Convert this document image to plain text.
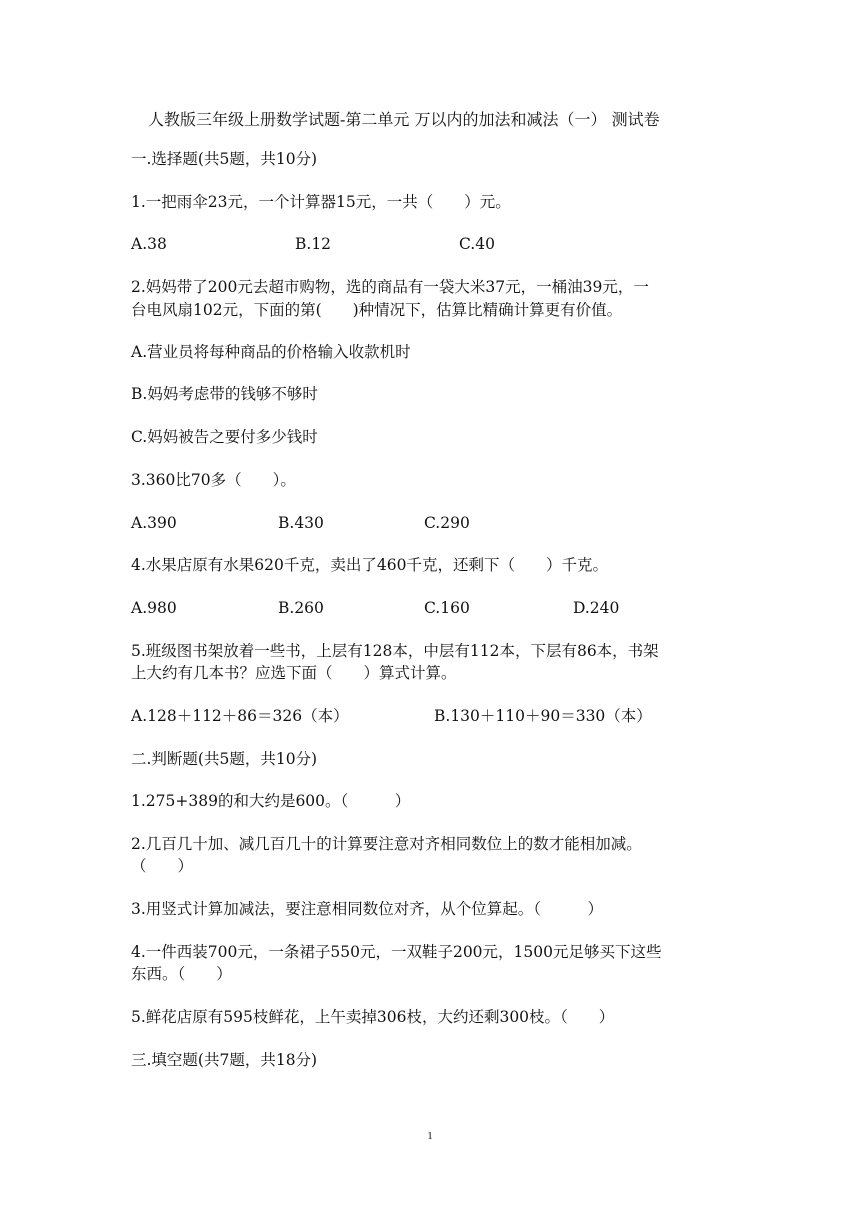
人教版三年级上册数学试题-第二单元 万以内的加法和减法（一） 测试卷
一.选择题(共5题，共10分)
1.一把雨伞23元，一个计算器15元，一共（　　）元。
A.38	B.12	C.40
2.妈妈带了200元去超市购物，选的商品有一袋大米37元，一桶油39元，一
台电风扇102元，下面的第(　　)种情况下，估算比精确计算更有价值。
A.营业员将每种商品的价格输入收款机时
B.妈妈考虑带的钱够不够时
C.妈妈被告之要付多少钱时
3.360比70多（　　）。
A.390	B.430	C.290
4.水果店原有水果620千克，卖出了460千克，还剩下（　　）千克。
A.980	B.260	C.160	D.240
5.班级图书架放着一些书，上层有128本，中层有112本，下层有86本，书架
上大约有几本书？应选下面（　　）算式计算。
A.128＋112＋86＝326（本）	B.130＋110＋90＝330（本）
二.判断题(共5题，共10分)
1.275+389的和大约是600。（　　　）
2.几百几十加、减几百几十的计算要注意对齐相同数位上的数才能相加减。
（　　）
3.用竖式计算加减法，要注意相同数位对齐，从个位算起。（　　　）
4.一件西装700元，一条裙子550元，一双鞋子200元，1500元足够买下这些
东西。（　　）
5.鲜花店原有595枝鲜花，上午卖掉306枝，大约还剩300枝。（　　）
三.填空题(共7题，共18分)
1
